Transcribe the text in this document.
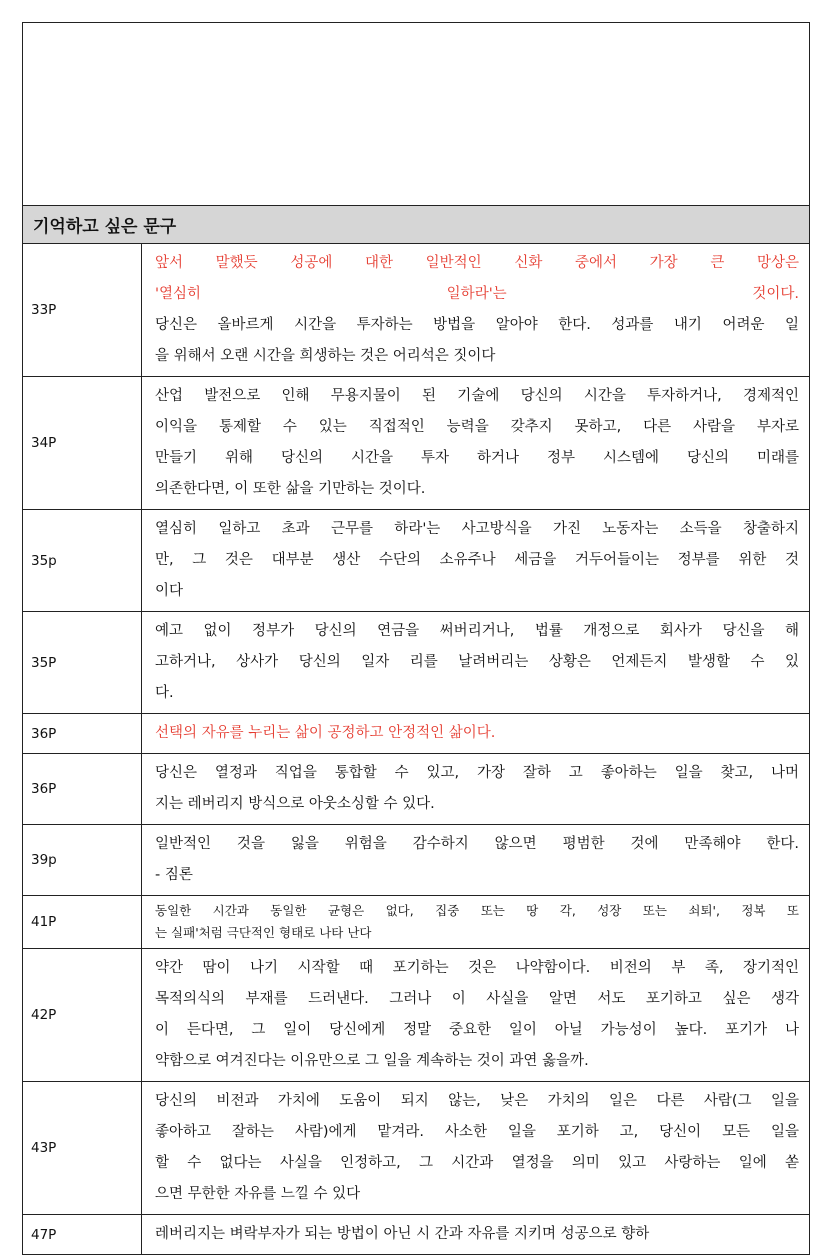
기억하고 싶은 문구	
33P	앞서 말했듯 성공에 대한 일반적인 신화 중에서 가장 큰 망상은
'열심히 일하라'는 것이다.
당신은 올바르게 시간을 투자하는 방법을 알아야 한다. 성과를 내기 어려운 일
을 위해서 오랜 시간을 희생하는 것은 어리석은 짓이다

34P	산업 발전으로 인해 무용지물이 된 기술에 당신의 시간을 투자하거나, 경제적인
이익을 통제할 수 있는 직접적인 능력을 갖추지 못하고, 다른 사람을 부자로
만들기 위해 당신의 시간을 투자 하거나 정부 시스템에 당신의 미래를
의존한다면, 이 또한 삶을 기만하는 것이다.

35p	열심히 일하고 초과 근무를 하라'는 사고방식을 가진 노동자는 소득을 창출하지
만, 그 것은 대부분 생산 수단의 소유주나 세금을 거두어들이는 정부를 위한 것
이다

35P	예고 없이 정부가 당신의 연금을 써버리거나, 법률 개정으로 회사가 당신을 해
고하거나, 상사가 당신의 일자 리를 날려버리는 상황은 언제든지 발생할 수 있
다.

36P	선택의 자유를 누리는 삶이 공정하고 안정적인 삶이다.

36P	당신은 열정과 직업을 통합할 수 있고, 가장 잘하 고 좋아하는 일을 찾고, 나머
지는 레버리지 방식으로 아웃소싱할 수 있다.

39p	일반적인 것을 잃을 위험을 감수하지 않으면 평범한 것에 만족해야 한다.
- 짐론

41P	동일한 시간과 동일한 균형은 없다, 집중 또는 땅 각, 성장 또는 쇠퇴', 정복 또
는 실패'처럼 극단적인 형태로 나타 난다

42P	약간 땀이 나기 시작할 때 포기하는 것은 나약함이다. 비전의 부 족, 장기적인
목적의식의 부재를 드러낸다. 그러나 이 사실을 알면 서도 포기하고 싶은 생각
이 든다면, 그 일이 당신에게 정말 중요한 일이 아닐 가능성이 높다. 포기가 나
약함으로 여겨진다는 이유만으로 그 일을 계속하는 것이 과연 옳을까.

43P	당신의 비전과 가치에 도움이 되지 않는, 낮은 가치의 일은 다른 사람(그 일을
좋아하고 잘하는 사람)에게 맡겨라. 사소한 일을 포기하 고, 당신이 모든 일을
할 수 없다는 사실을 인정하고, 그 시간과 열정을 의미 있고 사랑하는 일에 쏟
으면 무한한 자유를 느낄 수 있다

47P	레버리지는 벼락부자가 되는 방법이 아닌 시 간과 자유를 지키며 성공으로 향하
